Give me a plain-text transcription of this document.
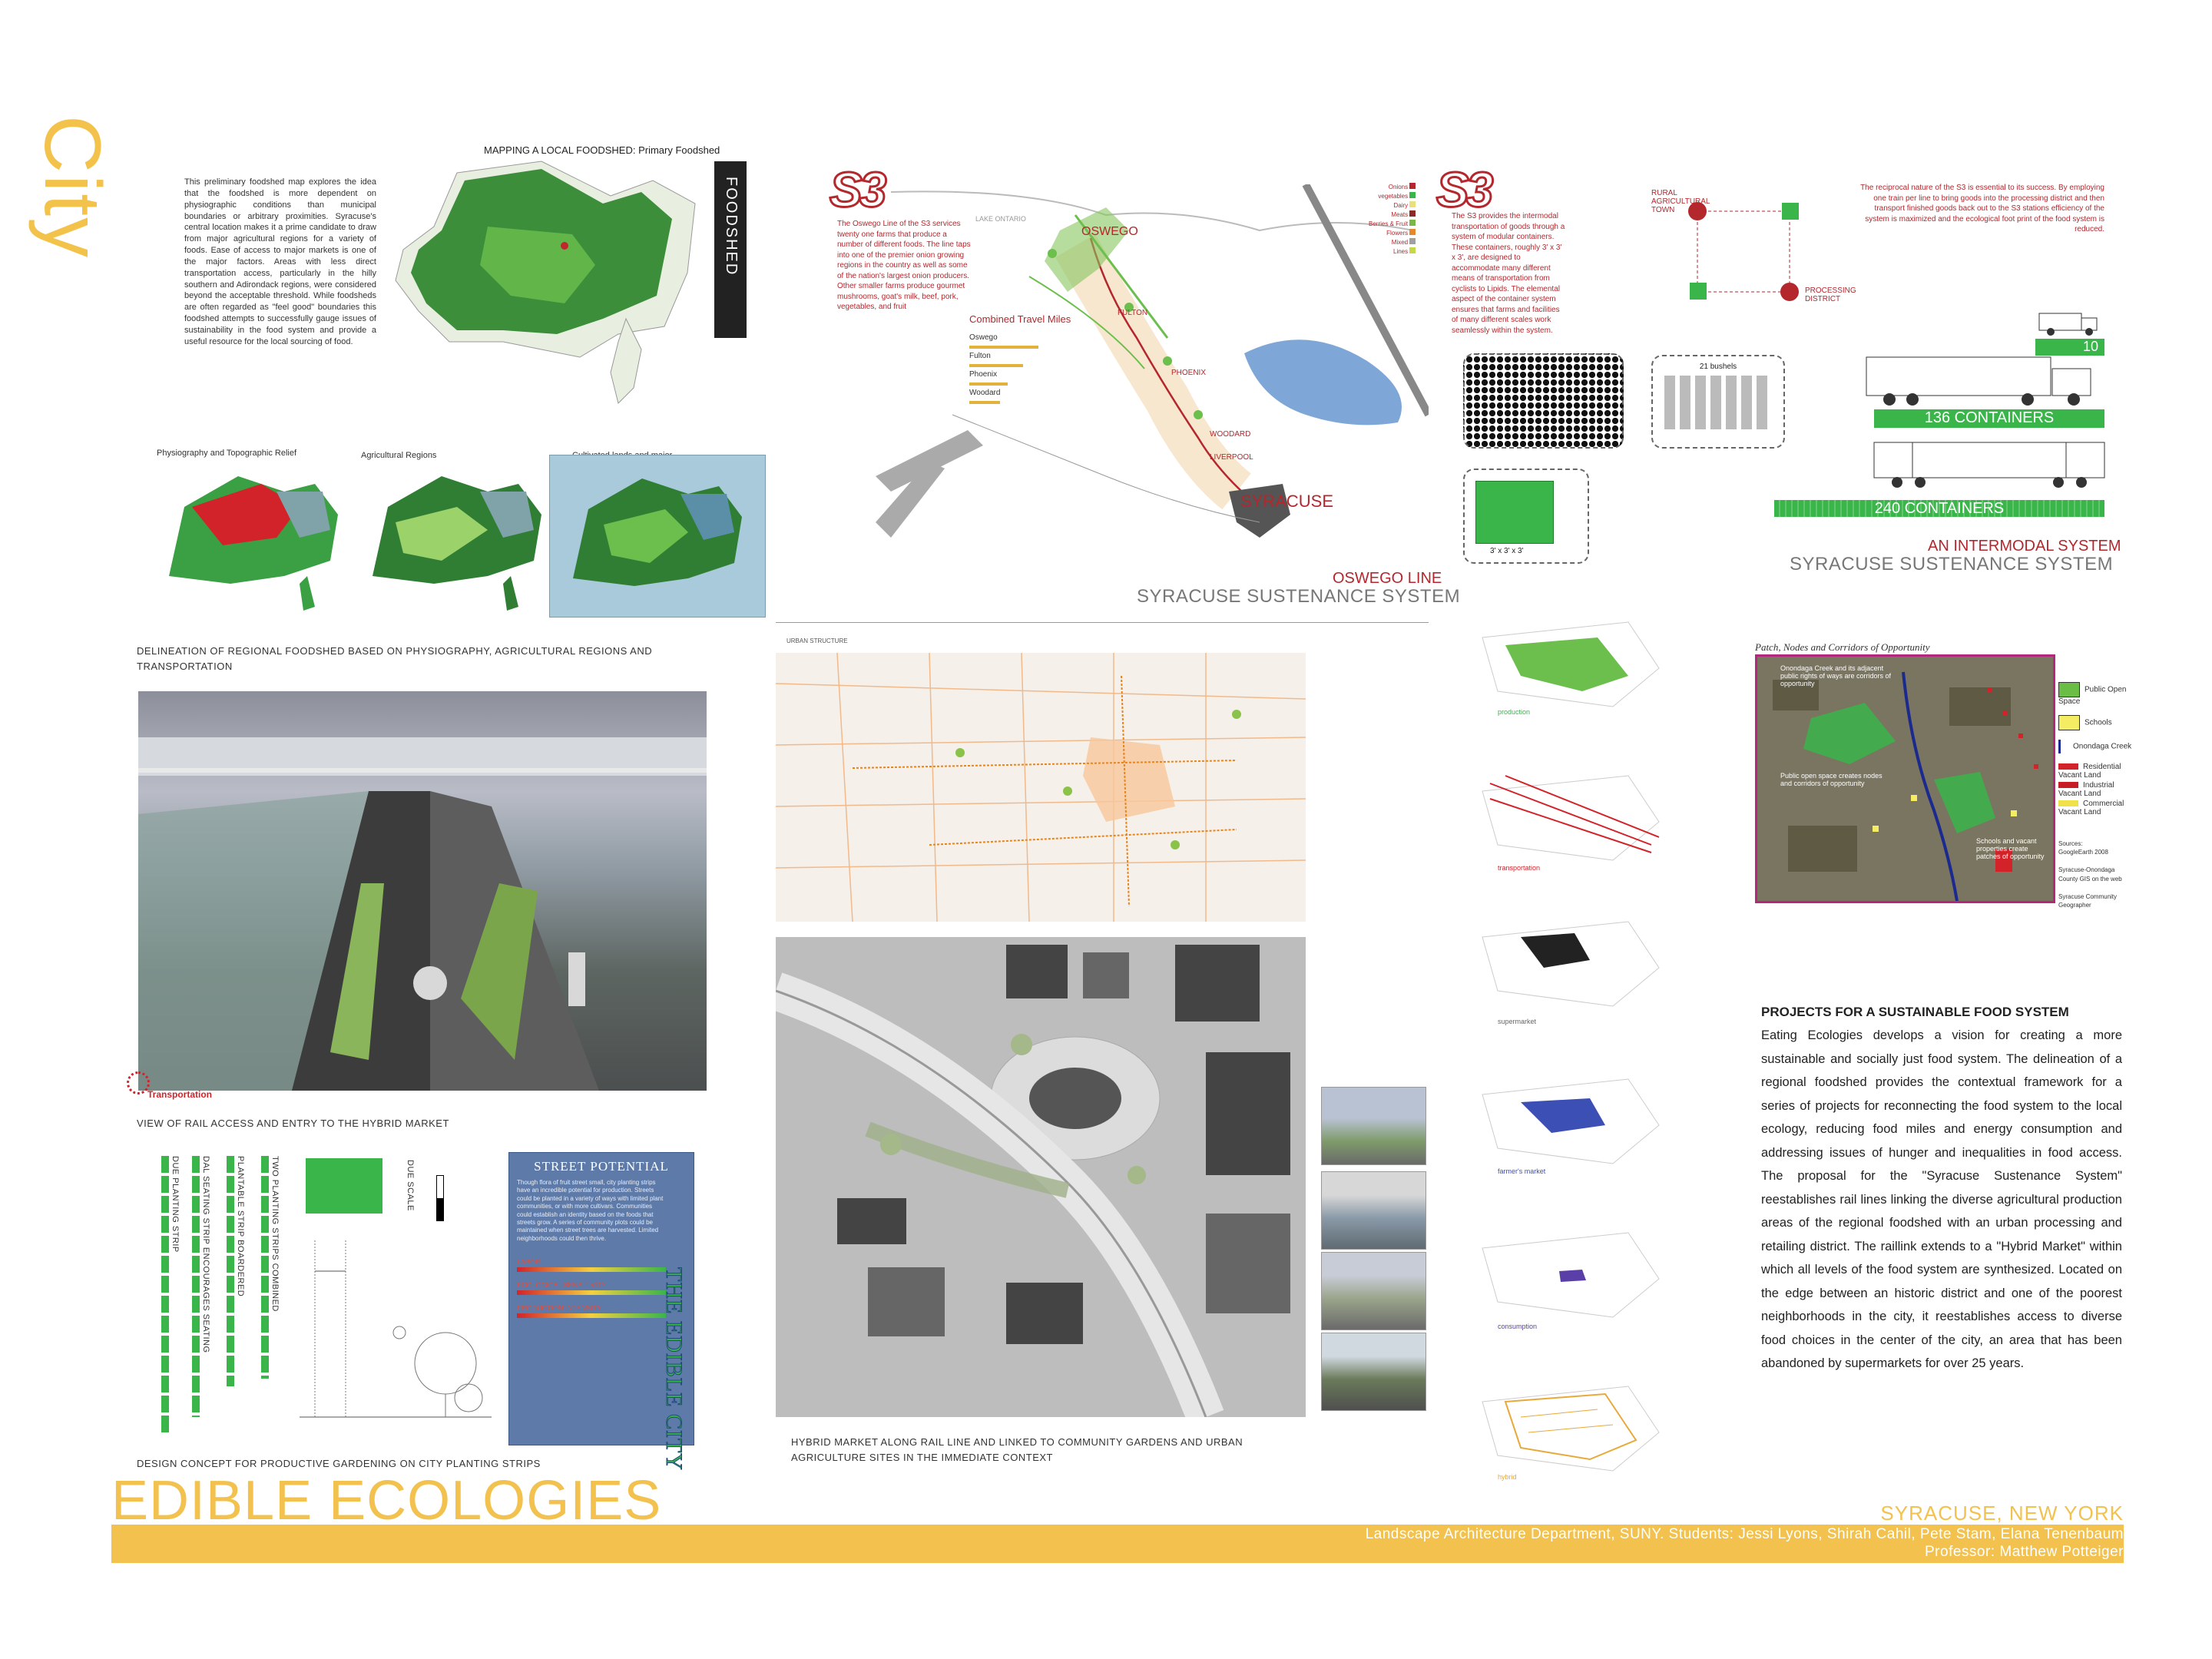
City	This preliminary foodshed map explores the idea that the foodshed is more dependent on physiographic conditions than municipal boundaries or arbitrary proximities. Syracuse's central location makes it a prime candidate to draw from major agricultural regions for a variety of foods. Ease of access to major markets is one of the major factors. Areas with less direct transportation access, particularly in the hilly southern and Adirondack regions, were considered beyond the acceptable threshold. While foodsheds are often regarded as "feel good" boundaries this foodshed attempts to successfully gauge issues of sustainability in the food system and provide a useful resource for the local sourcing of food.
MAPPING A LOCAL FOODSHED: Primary Foodshed
FOODSHED
Physiography and Topographic Relief	Agricultural Regions
DELINEATION OF REGIONAL FOODSHED BASED ON PHYSIOGRAPHY, AGRICULTURAL REGIONS AND
TRANSPORTATION
S3
The Oswego Line of the S3 services twenty one farms that produce a number of different foods. The line taps into one of the premier onion growing regions in the country as well as some of the nation's largest onion producers. Other smaller farms produce gourmet mushrooms, goat's milk, beef, pork, vegetables, and fruit
LAKE ONTARIO
OSWEGO
FULTON
PHOENIX
WOODARD
LIVERPOOL
SYRACUSE
Combined Travel Miles
Oswego
Fulton
Phoenix
Woodard
Onions
vegetables
Dairy
Meats
Berries & Fruit
Flowers
Mixed
Lines
OSWEGO LINE
SYRACUSE SUSTENANCE SYSTEM
S3
The S3 provides the intermodal transportation of goods through a system of modular containers. These containers, roughly 3' x 3' x 3', are designed to accommodate many different means of transportation from cyclists to Lipids. The elemental aspect of the container system ensures that farms and facilities of many different scales work seamlessly within the system.
RURAL AGRICULTURAL TOWN
PROCESSING DISTRICT
The reciprocal nature of the S3 is essential to its success. By employing one train per line to bring goods into the processing district and then transport finished goods back out to the S3 stations efficiency of the system is maximized and the ecological foot print of the food system is reduced.
21 bushels
3' x 3' x 3'
10
136 CONTAINERS
240 CONTAINERS
AN INTERMODAL SYSTEM
SYRACUSE SUSTENANCE SYSTEM
Transportation
VIEW OF RAIL ACCESS AND ENTRY TO THE HYBRID MARKET
DUE PLANTING STRIP	DAL SEATING STRIP ENCOURAGES SEATING	PLANTABLE STRIP BOARDERED	TWO PLANTING STRIPS COMBINED	DUE SCALE	STREET POTENTIAL
Though flora of fruit street small, city planting strips have an incredible potential for production. Streets could be planted in a variety of ways with limited plant communities, or with more cultivars. Communities could establish an identity based on the foods that streets grow. A series of community plots could be maintained when street trees are harvested. Limited neighborhoods could then thrive.
LABOR
ECOLOGICAL SENSITIVITY
PRODUCTION INTENSITY	THE EDIBLE CITY
DESIGN CONCEPT FOR PRODUCTIVE GARDENING ON CITY PLANTING STRIPS
URBAN STRUCTURE
HYBRID MARKET ALONG RAIL LINE AND LINKED TO COMMUNITY GARDENS AND URBAN
AGRICULTURE SITES IN THE IMMEDIATE CONTEXT
production
transportation
supermarket
farmer's market
consumption
hybrid
Patch, Nodes and Corridors of Opportunity
Onondaga Creek and its adjacent public rights of ways are corridors of opportunity
Public open space creates nodes and corridors of opportunity
Schools and vacant properties create patches of opportunity
Public Open Space
Schools
Onondaga Creek
Residential Vacant Land
Industrial Vacant Land
Commercial Vacant Land
Sources:
GoogleEarth 2008
Syracuse-Onondaga County GIS on the web
Syracuse Community Geographer
PROJECTS FOR A SUSTAINABLE FOOD SYSTEM
Eating Ecologies develops a vision for creating a more sustainable and socially just food system. The delineation of a regional foodshed provides the contextual framework for a series of projects for reconnecting the food system to the local ecology, reducing food miles and energy consumption and addressing issues of hunger and inequalities in food access. The proposal for the "Syracuse Sustenance System" reestablishes rail lines linking the diverse agricultural production areas of the regional foodshed with an urban processing and retailing district. The raillink extends to a "Hybrid Market" within which all levels of the food system are synthesized. Located on the edge between an historic district and one of the poorest neighborhoods in the city, it reestablishes access to diverse food choices in the center of the city, an area that has been abandoned by supermarkets for over 25 years.
EDIBLE ECOLOGIES	SYRACUSE, NEW YORK
Landscape Architecture Department, SUNY. Students: Jessi Lyons, Shirah Cahil, Pete Stam, Elana Tenenbaum
Professor: Matthew Potteiger
